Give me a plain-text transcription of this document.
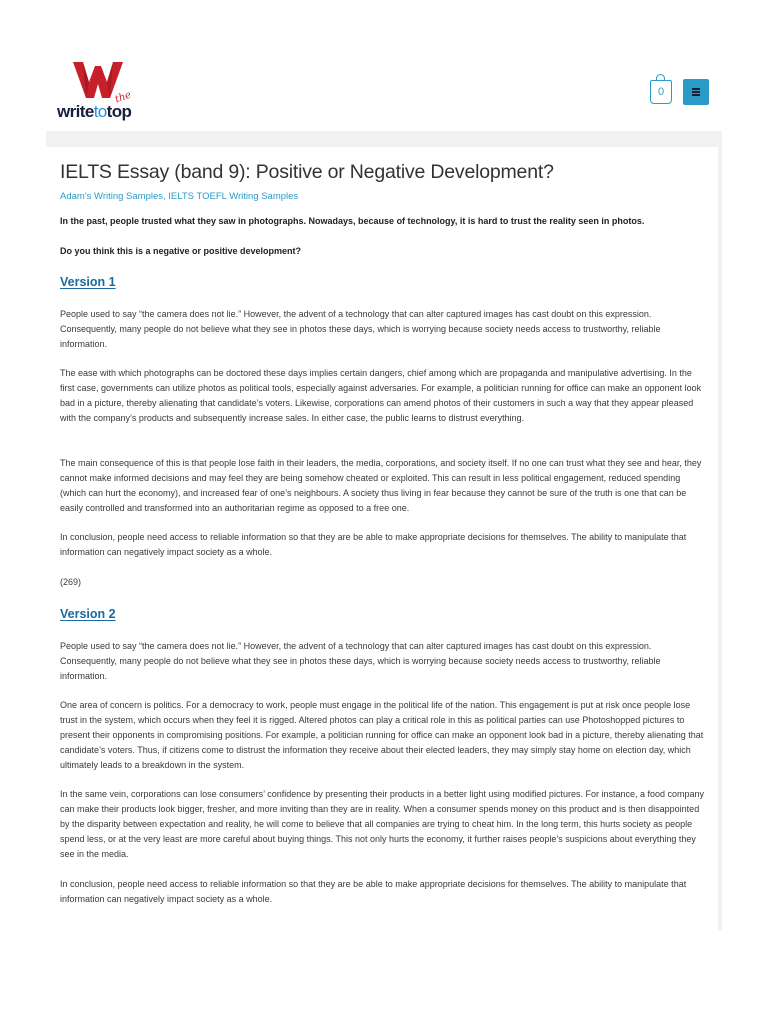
the
writetotop
0
IELTS Essay (band 9): Positive or Negative Development?
Adam's Writing Samples, IELTS TOEFL Writing Samples

In the past, people trusted what they saw in photographs. Nowadays, because of technology, it is hard to trust the reality seen in photos.

Do you think this is a negative or positive development?

Version 1

People used to say “the camera does not lie.” However, the advent of a technology that can alter captured images has cast doubt on this expression. Consequently, many people do not believe what they see in photos these days, which is worrying because society needs access to trustworthy, reliable information.

The ease with which photographs can be doctored these days implies certain dangers, chief among which are propaganda and manipulative advertising. In the first case, governments can utilize photos as political tools, especially against adversaries. For example, a politician running for office can make an opponent look bad in a picture, thereby alienating that candidate’s voters. Likewise, corporations can amend photos of their customers in such a way that they appear pleased with the company’s products and subsequently increase sales. In either case, the public learns to distrust everything.

The main consequence of this is that people lose faith in their leaders, the media, corporations, and society itself. If no one can trust what they see and hear, they cannot make informed decisions and may feel they are being somehow cheated or exploited. This can result in less political engagement, reduced spending (which can hurt the economy), and increased fear of one’s neighbours. A society thus living in fear because they cannot be sure of the truth is one that can be easily controlled and transformed into an authoritarian regime as opposed to a free one.

In conclusion, people need access to reliable information so that they are be able to make appropriate decisions for themselves. The ability to manipulate that information can negatively impact society as a whole.

(269)

Version 2

People used to say “the camera does not lie.” However, the advent of a technology that can alter captured images has cast doubt on this expression. Consequently, many people do not believe what they see in photos these days, which is worrying because society needs access to trustworthy, reliable information.

One area of concern is politics. For a democracy to work, people must engage in the political life of the nation. This engagement is put at risk once people lose trust in the system, which occurs when they feel it is rigged. Altered photos can play a critical role in this as political parties can use Photoshopped pictures to present their opponents in compromising positions. For example, a politician running for office can make an opponent look bad in a picture, thereby alienating that candidate’s voters. Thus, if citizens come to distrust the information they receive about their elected leaders, they may simply stay home on election day, which ultimately leads to a breakdown in the system.

In the same vein, corporations can lose consumers’ confidence by presenting their products in a better light using modified pictures. For instance, a food company can make their products look bigger, fresher, and more inviting than they are in reality. When a consumer spends money on this product and is then disappointed by the disparity between expectation and reality, he will come to believe that all companies are trying to cheat him. In the long term, this hurts society as people spend less, or at the very least are more careful about buying things. This not only hurts the economy, it further raises people’s suspicions about everything they see in the media.

In conclusion, people need access to reliable information so that they are be able to make appropriate decisions for themselves. The ability to manipulate that information can negatively impact society as a whole.
